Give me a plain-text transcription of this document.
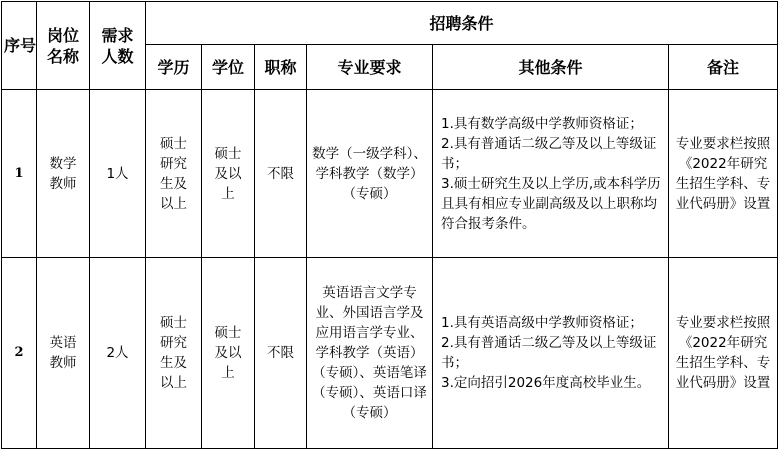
序号	岗位名称	需求人数	招聘条件					
			学历	学位	职称	专业要求	其他条件	备注
1	数学教师	1人	硕士研究生及以上	硕士及以上	不限	数学（一级学科）、学科教学（数学）（专硕）	1.具有数学高级中学教师资格证；
2.具有普通话二级乙等及以上等级证书；
3.硕士研究生及以上学历,或本科学历且具有相应专业副高级及以上职称均符合报考条件。	专业要求栏按照《2022年研究生招生学科、专业代码册》设置
2	英语教师	2人	硕士研究生及以上	硕士及以上	不限	英语语言文学专业、外国语言学及应用语言学专业、学科教学（英语）（专硕）、英语笔译（专硕）、英语口译（专硕）	1.具有英语高级中学教师资格证；
2.具有普通话二级乙等及以上等级证书；
3.定向招引2026年度高校毕业生。	专业要求栏按照《2022年研究生招生学科、专业代码册》设置
